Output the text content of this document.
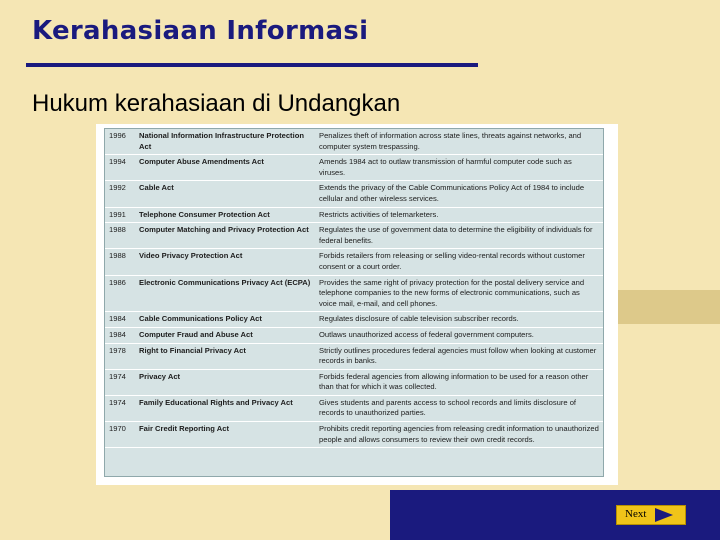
Kerahasiaan Informasi
Hukum kerahasiaan di Undangkan
1996	National Information Infrastructure Protection Act	Penalizes theft of information across state lines, threats against networks, and computer system trespassing.
1994	Computer Abuse Amendments Act	Amends 1984 act to outlaw transmission of harmful computer code such as viruses.
1992	Cable Act	Extends the privacy of the Cable Communications Policy Act of 1984 to include cellular and other wireless services.
1991	Telephone Consumer Protection Act	Restricts activities of telemarketers.
1988	Computer Matching and Privacy Protection Act	Regulates the use of government data to determine the eligibility of individuals for federal benefits.
1988	Video Privacy Protection Act	Forbids retailers from releasing or selling video-rental records without customer consent or a court order.
1986	Electronic Communications Privacy Act (ECPA)	Provides the same right of privacy protection for the postal delivery service and telephone companies to the new forms of electronic communications, such as voice mail, e-mail, and cell phones.
1984	Cable Communications Policy Act	Regulates disclosure of cable television subscriber records.
1984	Computer Fraud and Abuse Act	Outlaws unauthorized access of federal government computers.
1978	Right to Financial Privacy Act	Strictly outlines procedures federal agencies must follow when looking at customer records in banks.
1974	Privacy Act	Forbids federal agencies from allowing information to be used for a reason other than that for which it was collected.
1974	Family Educational Rights and Privacy Act	Gives students and parents access to school records and limits disclosure of records to unauthorized parties.
1970	Fair Credit Reporting Act	Prohibits credit reporting agencies from releasing credit information to unauthorized people and allows consumers to review their own credit records.
Next
